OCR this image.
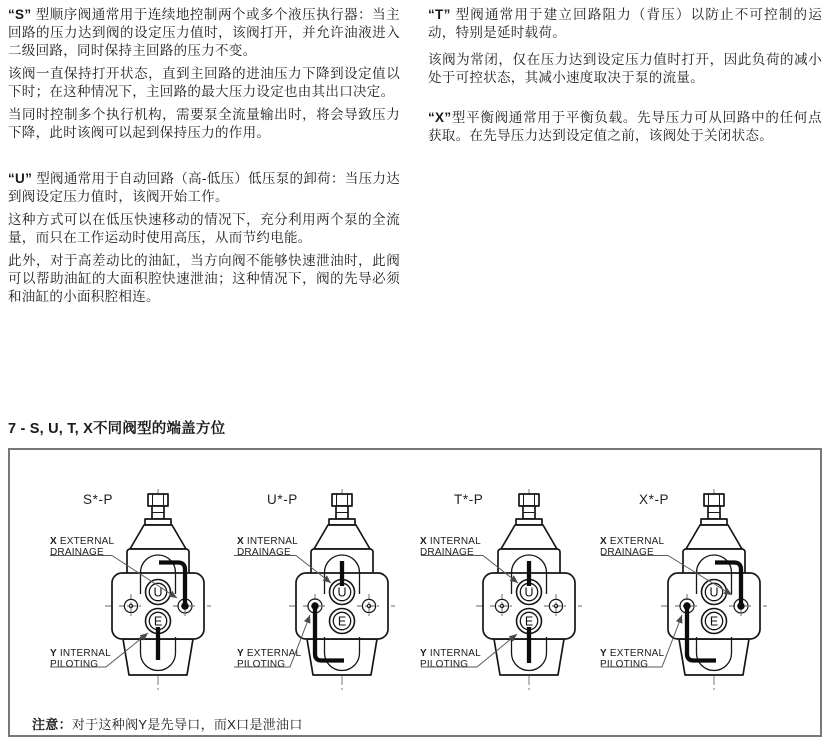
“S” 型顺序阀通常用于连续地控制两个或多个液压执行器：当主回路的压力达到阀的设定压力值时，该阀打开，并允许油液进入二级回路，同时保持主回路的压力不变。

该阀一直保持打开状态，直到主回路的进油压力下降到设定值以下时；在这种情况下，主回路的最大压力设定也由其出口决定。

当同时控制多个执行机构，需要泵全流量输出时，将会导致压力下降，此时该阀可以起到保持压力的作用。

“U” 型阀通常用于自动回路（高-低压）低压泵的卸荷：当压力达到阀设定压力值时，该阀开始工作。

这种方式可以在低压快速移动的情况下，充分利用两个泵的全流量，而只在工作运动时使用高压，从而节约电能。

此外，对于高差动比的油缸，当方向阀不能够快速泄油时，此阀可以帮助油缸的大面积腔快速泄油；这种情况下，阀的先导必须和油缸的小面积腔相连。

“T” 型阀通常用于建立回路阻力（背压）以防止不可控制的运动，特别是延时载荷。

该阀为常闭，仅在压力达到设定压力值时打开，因此负荷的减小处于可控状态，其减小速度取决于泵的流量。

“X”型平衡阀通常用于平衡负载。先导压力可从回路中的任何点获取。在先导压力达到设定值之前，该阀处于关闭状态。

7 - S, U, T, X不同阀型的端盖方位
S*-P
X EXTERNAL
DRAINAGE
Y INTERNAL
PILOTING
U
E
U*-P
X INTERNAL
DRAINAGE
Y EXTERNAL
PILOTING
U
E
T*-P
X INTERNAL
DRAINAGE
Y INTERNAL
PILOTING
U
E
X*-P
X EXTERNAL
DRAINAGE
Y EXTERNAL
PILOTING
U
E
注意：对于这种阀Y是先导口，而X口是泄油口
